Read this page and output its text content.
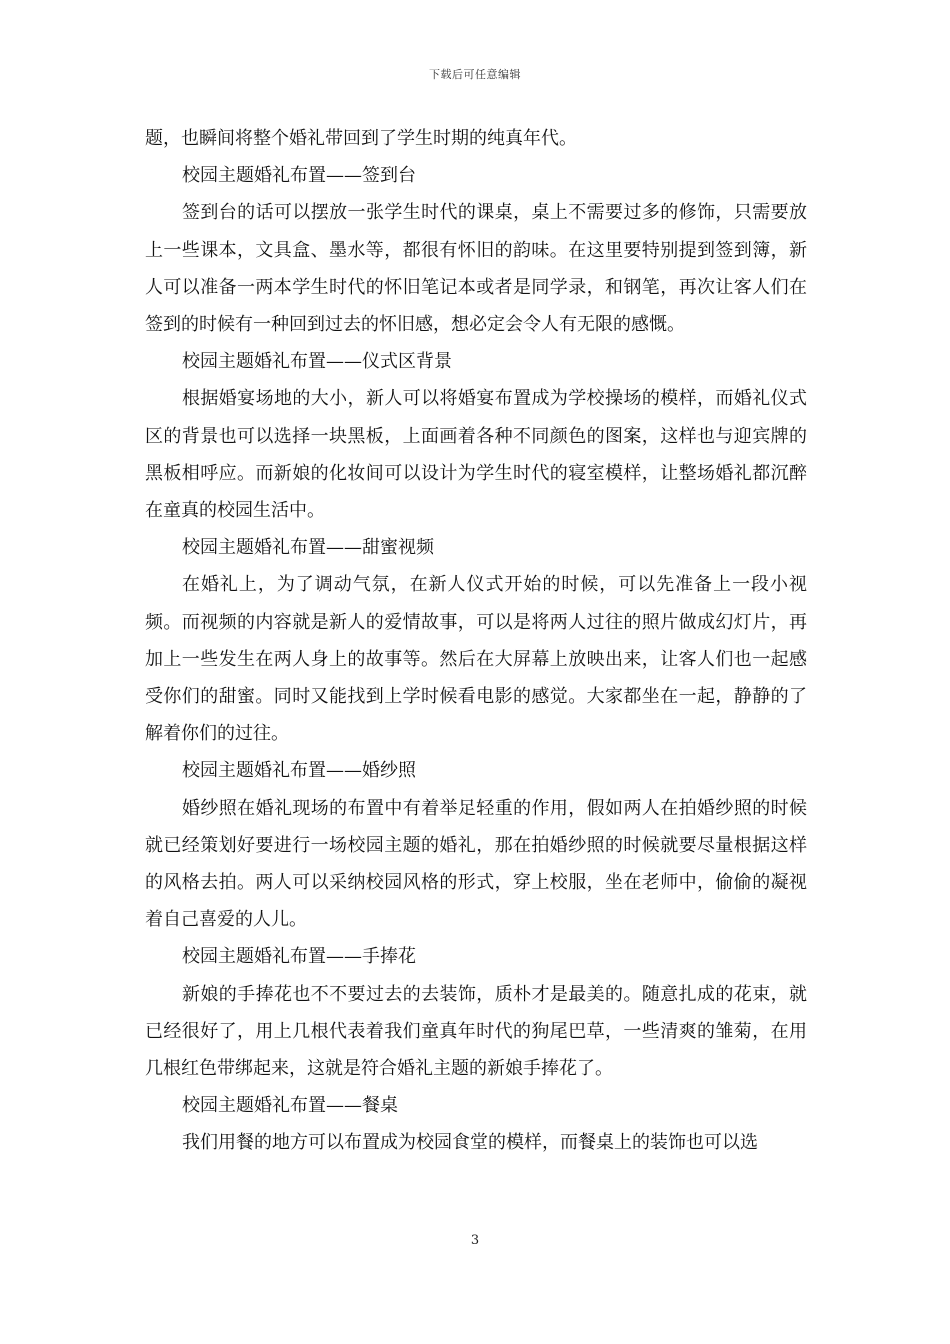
下载后可任意编辑

题，也瞬间将整个婚礼带回到了学生时期的纯真年代。

校园主题婚礼布置——签到台

签到台的话可以摆放一张学生时代的课桌，桌上不需要过多的修饰，只需要放上一些课本，文具盒、墨水等，都很有怀旧的韵味。在这里要特别提到签到簿，新人可以准备一两本学生时代的怀旧笔记本或者是同学录，和钢笔，再次让客人们在签到的时候有一种回到过去的怀旧感，想必定会令人有无限的感慨。

校园主题婚礼布置——仪式区背景

根据婚宴场地的大小，新人可以将婚宴布置成为学校操场的模样，而婚礼仪式区的背景也可以选择一块黑板，上面画着各种不同颜色的图案，这样也与迎宾牌的黑板相呼应。而新娘的化妆间可以设计为学生时代的寝室模样，让整场婚礼都沉醉在童真的校园生活中。

校园主题婚礼布置——甜蜜视频

在婚礼上，为了调动气氛，在新人仪式开始的时候，可以先准备上一段小视频。而视频的内容就是新人的爱情故事，可以是将两人过往的照片做成幻灯片，再加上一些发生在两人身上的故事等。然后在大屏幕上放映出来，让客人们也一起感受你们的甜蜜。同时又能找到上学时候看电影的感觉。大家都坐在一起，静静的了解着你们的过往。

校园主题婚礼布置——婚纱照

婚纱照在婚礼现场的布置中有着举足轻重的作用，假如两人在拍婚纱照的时候就已经策划好要进行一场校园主题的婚礼，那在拍婚纱照的时候就要尽量根据这样的风格去拍。两人可以采纳校园风格的形式，穿上校服，坐在老师中，偷偷的凝视着自己喜爱的人儿。

校园主题婚礼布置——手捧花

新娘的手捧花也不不要过去的去装饰，质朴才是最美的。随意扎成的花束，就已经很好了，用上几根代表着我们童真年时代的狗尾巴草，一些清爽的雏菊，在用几根红色带绑起来，这就是符合婚礼主题的新娘手捧花了。

校园主题婚礼布置——餐桌

我们用餐的地方可以布置成为校园食堂的模样，而餐桌上的装饰也可以选

3
